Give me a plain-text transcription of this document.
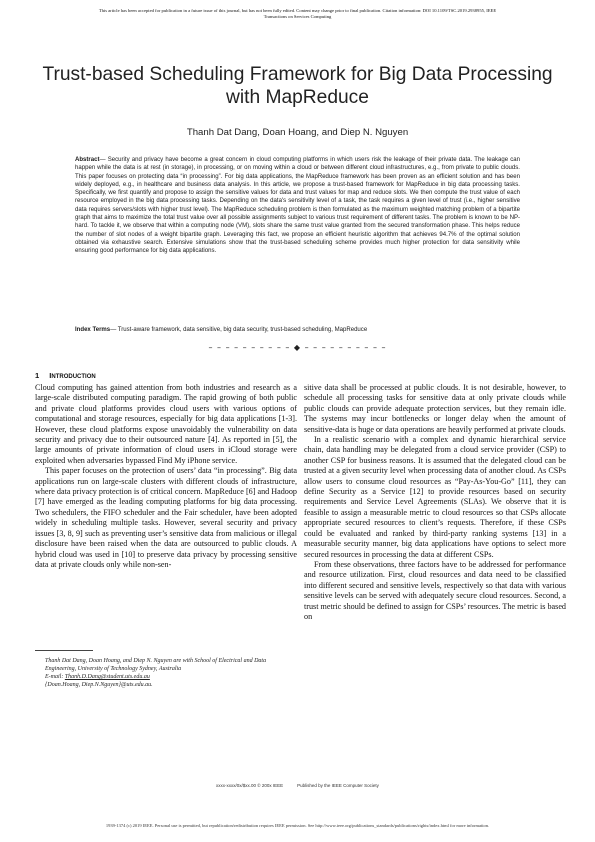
This article has been accepted for publication in a future issue of this journal, but has not been fully edited. Content may change prior to final publication. Citation information: DOI 10.1109/TSC.2019.2938955, IEEE
Transactions on Services Computing
Trust-based Scheduling Framework for Big Data Processing with MapReduce
Thanh Dat Dang, Doan Hoang, and Diep N. Nguyen
Abstract— Security and privacy have become a great concern in cloud computing platforms in which users risk the leakage of their private data. The leakage can happen while the data is at rest (in storage), in processing, or on moving within a cloud or between different cloud infrastructures, e.g., from private to public clouds. This paper focuses on protecting data “in processing”. For big data applications, the MapReduce framework has been proven as an efficient solution and has been widely deployed, e.g., in healthcare and business data analysis. In this article, we propose a trust-based framework for MapReduce in big data processing tasks. Specifically, we first quantify and propose to assign the sensitive values for data and trust values for map and reduce slots. We then compute the trust value of each resource employed in the big data processing tasks. Depending on the data's sensitivity level of a task, the task requires a given level of trust (i.e., higher sensitive data requires servers/slots with higher trust level). The MapReduce scheduling problem is then formulated as the maximum weighted matching problem of a bipartite graph that aims to maximize the total trust value over all possible assignments subject to various trust requirement of different tasks. The problem is known to be NP-hard. To tackle it, we observe that within a computing node (VM), slots share the same trust value granted from the secured transformation phase. This helps reduce the number of slot nodes of a weight bipartite graph. Leveraging this fact, we propose an efficient heuristic algorithm that achieves 94.7% of the optimal solution obtained via exhaustive search. Extensive simulations show that the trust-based scheduling scheme provides much higher protection for data sensitivity while ensuring good performance for big data applications.
Index Terms— Trust-aware framework, data sensitive, big data security, trust-based scheduling, MapReduce
– – – – – – – – – – ◆ – – – – – – – – – –
1 INTRODUCTION

Cloud computing has gained attention from both industries and research as a large-scale distributed computing paradigm. The rapid growing of both public and private cloud platforms provides cloud users with various options of computational and storage resources, especially for big data applications [1-3]. However, these cloud platforms expose unavoidably the vulnerability on data security and privacy due to their outsourced nature [4]. As reported in [5], the large amounts of private information of cloud users in iCloud storage were exploited when adversaries bypassed Find My iPhone service.

This paper focuses on the protection of users’ data “in processing”. Big data applications run on large-scale clusters with different clouds of infrastructure, where data privacy protection is of critical concern. MapReduce [6] and Hadoop [7] have emerged as the leading computing platforms for big data processing. Two schedulers, the FIFO scheduler and the Fair scheduler, have been adopted widely in scheduling multiple tasks. However, several security and privacy issues [3, 8, 9] such as preventing user’s sensitive data from malicious or illegal disclosure have been raised when the data are outsourced to public clouds. A hybrid cloud was used in [10] to preserve data privacy by processing sensitive data at private clouds only while non-sen-

sitive data shall be processed at public clouds. It is not desirable, however, to schedule all processing tasks for sensitive data at only private clouds while public clouds can provide adequate protection services, but they remain idle. The systems may incur bottlenecks or longer delay when the amount of sensitive-data is huge or data operations are heavily performed at private clouds.

In a realistic scenario with a complex and dynamic hierarchical service chain, data handling may be delegated from a cloud service provider (CSP) to another CSP for business reasons. It is assumed that the delegated cloud can be trusted at a given security level when processing data of another cloud. As CSPs allow users to consume cloud resources as “Pay-As-You-Go” [11], they can define Security as a Service [12] to provide resources based on security requirements and Service Level Agreements (SLAs). We observe that it is feasible to assign a measurable metric to cloud resources so that CSPs allocate appropriate secured resources to client’s requests. Therefore, if these CSPs could be evaluated and ranked by third-party ranking systems [13] in a measurable security manner, big data applications have options to select more secured resources in processing the data at different CSPs.

From these observations, three factors have to be addressed for performance and resource utilization. First, cloud resources and data need to be classified into different secured and sensitive levels, respectively so that data with various sensitive levels can be served with adequately secure cloud resources. Second, a trust metric should be defined to assign for CSPs’ resources. The metric is based on

Thanh Dat Dang, Doan Hoang, and Diep N. Nguyen are with School of Electrical and Data Engineering, University of Technology Sydney, Australia
E-mail: Thanh.D.Dang@student.uts.edu.au
{Doan.Hoang, Diep.N.Nguyen}@uts.edu.au.
xxxx-xxxx/0x/$xx.00 © 200x IEEE	Published by the IEEE Computer Society
1939-1374 (c) 2019 IEEE. Personal use is permitted, but republication/redistribution requires IEEE permission. See http://www.ieee.org/publications_standards/publications/rights/index.html for more information.
